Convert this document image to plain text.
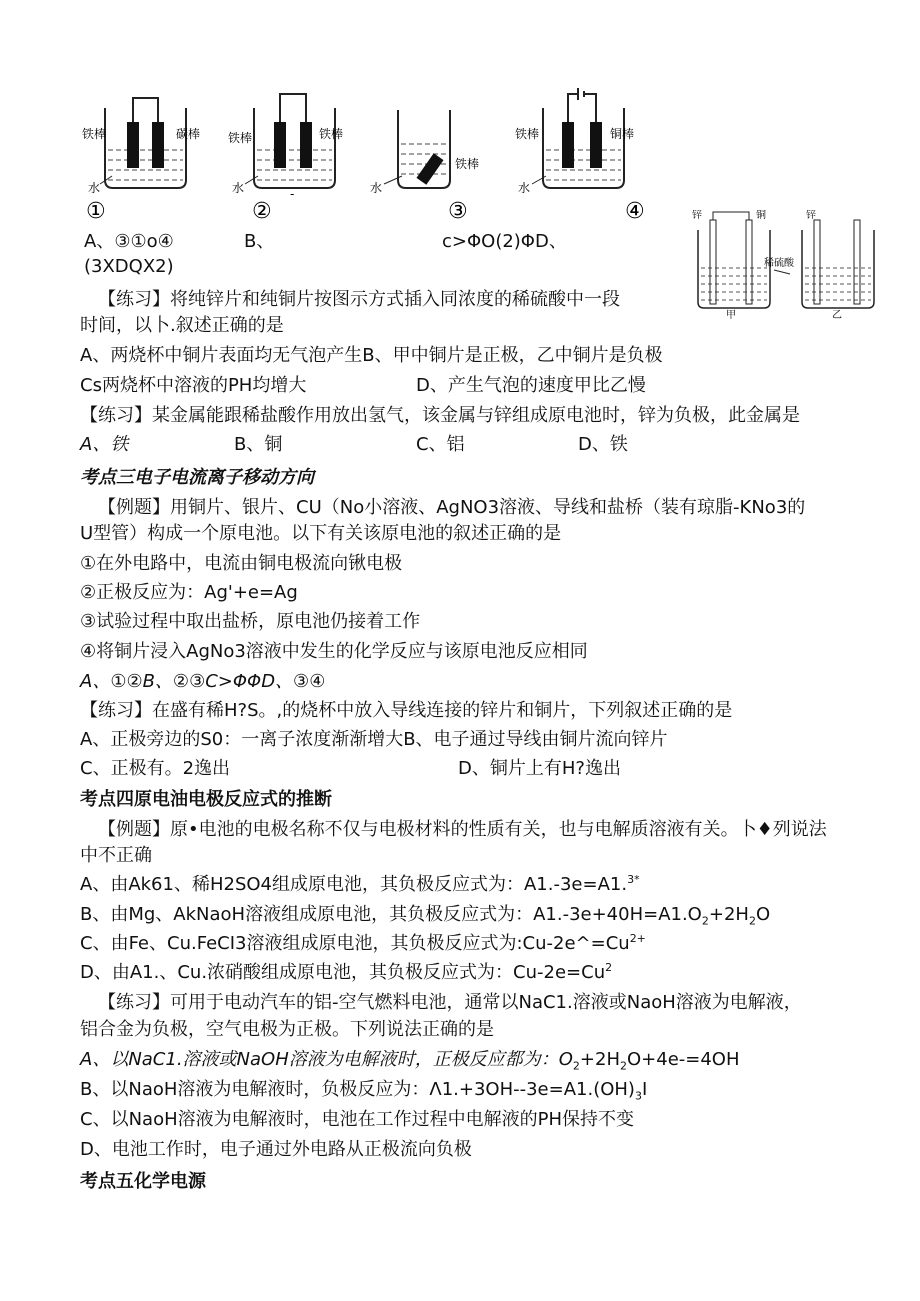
铁棒	碳棒
水
①
铁棒	铁棒
水	-
②
铁棒
水
③
铁棒	铜棒
水
④	锌	铜
甲
稀硫酸
锌
乙
A、③①o④	B、	c>ΦO(2)ΦD、
(3XDQX2)
【练习】将纯锌片和纯铜片按图示方式插入同浓度的稀硫酸中一段
时间，以卜.叙述正确的是
A、两烧杯中铜片表面均无气泡产生B、甲中铜片是正极，乙中铜片是负极
Cs两烧杯中溶液的PH均增大	D、产生气泡的速度甲比乙慢
【练习】某金属能跟稀盐酸作用放出氢气，该金属与锌组成原电池时，锌为负极，此金属是
A、铁	B、铜	C、铝	D、铁
考点三电子电流离子移动方向
【例题】用铜片、银片、CU（No小溶液、AgNO3溶液、导线和盐桥（装有琼脂-KNo3的
U型管）构成一个原电池。以下有关该原电池的叙述正确的是
①在外电路中，电流由铜电极流向锹电极
②正极反应为：Ag'+e=Ag
③试验过程中取出盐桥，原电池仍接着工作
④将铜片浸入AgNo3溶液中发生的化学反应与该原电池反应相同
A、①②B、②③C>ΦΦD、③④
【练习】在盛有稀H?S。,的烧杯中放入导线连接的锌片和铜片，下列叙述正确的是
A、正极旁边的S0：一离子浓度渐渐增大B、电子通过导线由铜片流向锌片
C、正极有。2逸出	D、铜片上有H?逸出
考点四原电油电极反应式的推断
【例题】原•电池的电极名称不仅与电极材料的性质有关，也与电解质溶液有关。卜♦列说法
中不正确
A、由Ak61、稀H2SO4组成原电池，其负极反应式为：A1.-3e=A1.$^{3*}$
B、由Mg、AkNaoH溶液组成原电池，其负极反应式为：$A1.-3e+40H=A1.O_2+2H_2O$
C、由Fe、Cu.FeCI3溶液组成原电池，其负极反应式为$:Cu-2e\^{}=Cu^{2+}$
D、由A1.、Cu.浓硝酸组成原电池，其负极反应式为：$Cu-2e=Cu^2$
【练习】可用于电动汽车的铝-空气燃料电池，通常以NaC1.溶液或NaoH溶液为电解液，
铝合金为负极，空气电极为正极。下列说法正确的是
A、以NaC1.溶液或NaOH溶液为电解液时，正极反应都为：$O_2+2H_2O+4e-=4OH$
B、以NaoH溶液为电解液时，负极反应为：$\Lambda 1.+3OH--3e=A1.(OH)_3I$
C、以NaoH溶液为电解液时，电池在工作过程中电解液的PH保持不变
D、电池工作时，电子通过外电路从正极流向负极
考点五化学电源
